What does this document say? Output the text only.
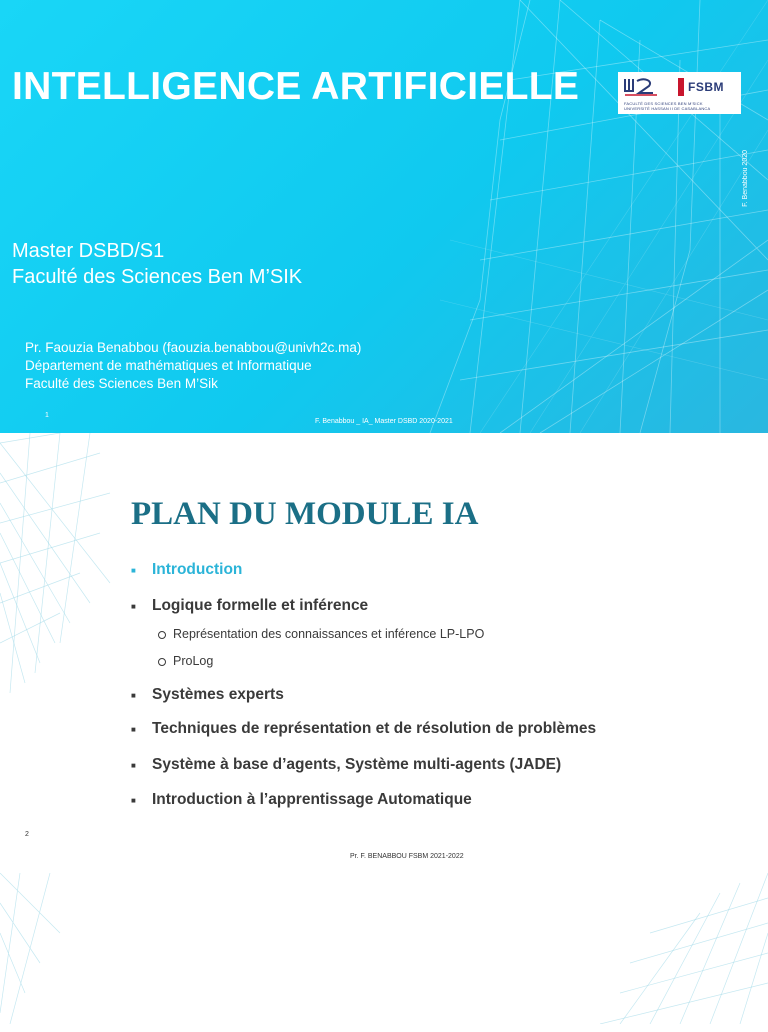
INTELLIGENCE ARTIFICIELLE	FSBM
FACULTÉ DES SCIENCES BEN M'SICK
UNIVERSITÉ HASSAN II DE CASABLANCA
F. Benabbou 2020
Master DSBD/S1
Faculté des Sciences Ben M’SIK
Pr. Faouzia Benabbou (faouzia.benabbou@univh2c.ma)
Département de mathématiques et Informatique
Faculté des Sciences Ben M’Sik
1
F. Benabbou _ IA_ Master DSBD 2020-2021
PLAN DU MODULE IA
Introduction
Logique formelle et inférence
Représentation des connaissances et inférence LP-LPO
ProLog
Systèmes experts
Techniques de représentation et de résolution de problèmes
Système à base d’agents, Système multi-agents (JADE)
Introduction à l’apprentissage Automatique
2
Pr. F. BENABBOU FSBM 2021-2022
